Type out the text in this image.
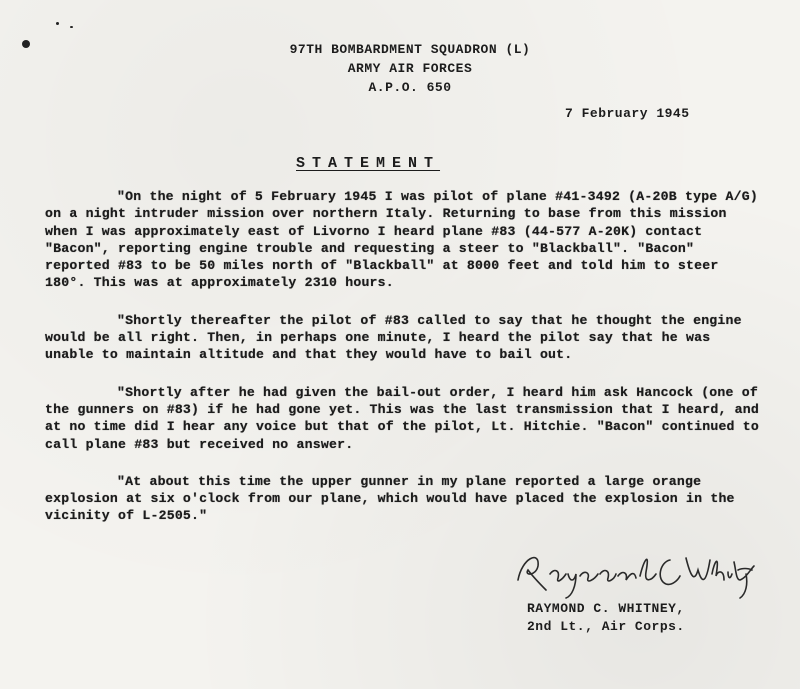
97TH BOMBARDMENT SQUADRON (L)
ARMY AIR FORCES
A.P.O. 650
7 February 1945
STATEMENT

"On the night of 5 February 1945 I was pilot of plane #41-3492 (A-20B type A/G) on a night intruder mission over northern Italy. Returning to base from this mission when I was approximately east of Livorno I heard plane #83 (44-577 A-20K) contact "Bacon", reporting engine trouble and requesting a steer to "Blackball". "Bacon" reported #83 to be 50 miles north of "Blackball" at 8000 feet and told him to steer 180°. This was at approximately 2310 hours.

"Shortly thereafter the pilot of #83 called to say that he thought the engine would be all right. Then, in perhaps one minute, I heard the pilot say that he was unable to maintain altitude and that they would have to bail out.

"Shortly after he had given the bail-out order, I heard him ask Hancock (one of the gunners on #83) if he had gone yet. This was the last transmission that I heard, and at no time did I hear any voice but that of the pilot, Lt. Hitchie. "Bacon" continued to call plane #83 but received no answer.

"At about this time the upper gunner in my plane reported a large orange explosion at six o'clock from our plane, which would have placed the explosion in the vicinity of L-2505."

RAYMOND C. WHITNEY,
2nd Lt., Air Corps.
